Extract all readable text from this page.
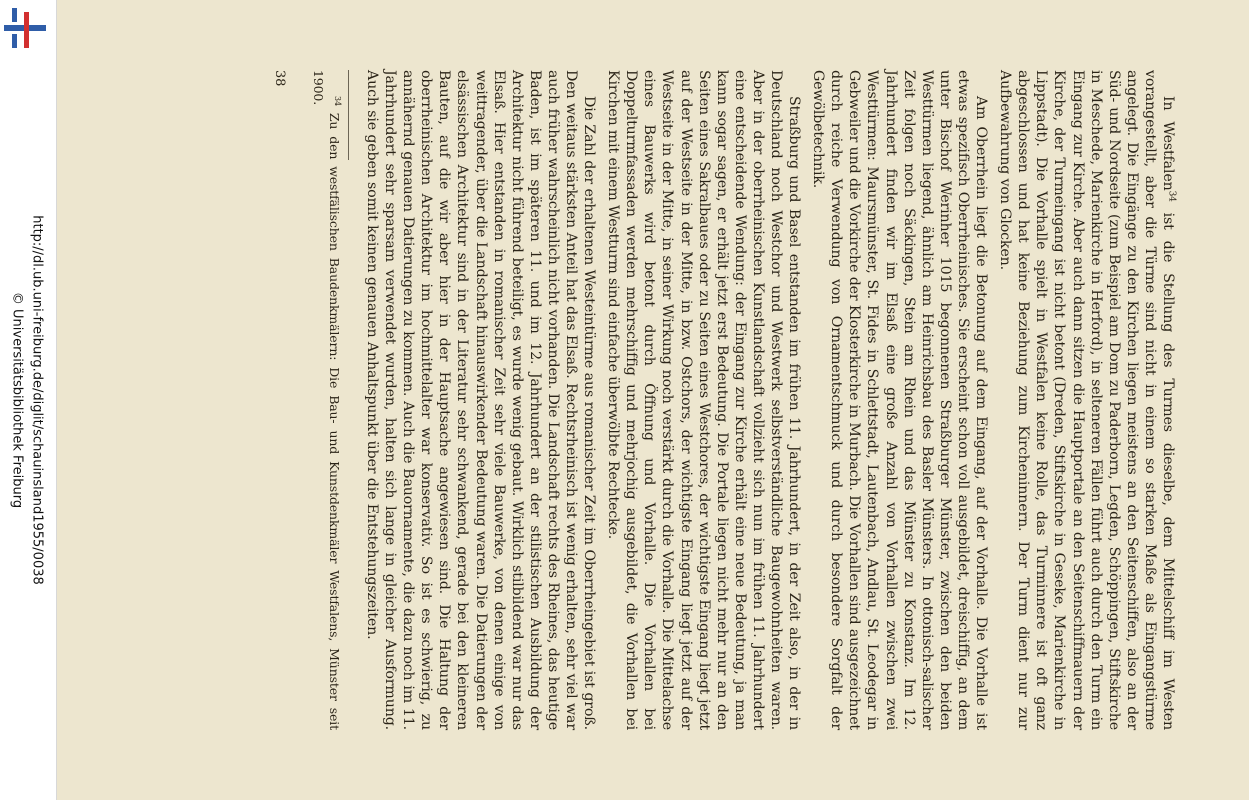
http://dl.ub.uni-freiburg.de/diglit/schauinsland1955/0038
© Universitätsbibliothek Freiburg

In Westfalen$^{34}$ ist die Stellung des Turmes dieselbe, dem Mittelschiff im Westen vorangestellt, aber die Türme sind nicht in einem so starken Maße als Eingangstürme angelegt. Die Eingänge zu den Kirchen liegen meistens an den Seitenschiffen, also an der Süd- und Nordseite (zum Beispiel am Dom zu Paderborn, Legden, Schöppingen, Stiftskirche in Meschede, Marienkirche in Herford), in selteneren Fällen führt auch durch den Turm ein Eingang zur Kirche. Aber auch dann sitzen die Hauptportale an den Seitenschiffmauern der Kirche, der Turmeingang ist nicht betont (Dreden, Stiftskirche in Geseke, Marienkirche in Lippstadt). Die Vorhalle spielt in Westfalen keine Rolle, das Turminnere ist oft ganz abgeschlossen und hat keine Beziehung zum Kircheninnern. Der Turm dient nur zur Aufbewahrung von Glocken.

Am Oberrhein liegt die Betonung auf dem Eingang, auf der Vorhalle. Die Vorhalle ist etwas spezifisch Oberrheinisches. Sie erscheint schon voll ausgebildet, dreischiffig, an dem unter Bischof Werinher 1015 begonnenen Straßburger Münster, zwischen den beiden Westtürmen liegend, ähnlich am Heinrichsbau des Basler Münsters. In ottonisch-salischer Zeit folgen noch Säckingen, Stein am Rhein und das Münster zu Konstanz. Im 12. Jahrhundert finden wir im Elsaß eine große Anzahl von Vorhallen zwischen zwei Westtürmen: Maursmünster, St. Fides in Schlettstadt, Lautenbach, Andlau, St. Leodegar in Gebweiler und die Vorkirche der Klosterkirche in Murbach. Die Vorhallen sind ausgezeichnet durch reiche Verwendung von Ornamentschmuck und durch besondere Sorgfalt der Gewölbetechnik.

Straßburg und Basel entstanden im frühen 11. Jahrhundert, in der Zeit also, in der in Deutschland noch Westchor und Westwerk selbstverständliche Baugewohnheiten waren. Aber in der oberrheinischen Kunstlandschaft vollzieht sich nun im frühen 11. Jahrhundert eine entscheidende Wendung: der Eingang zur Kirche erhält eine neue Bedeutung, ja man kann sogar sagen, er erhält jetzt erst Bedeutung. Die Portale liegen nicht mehr nur an den Seiten eines Sakralbaues oder zu Seiten eines Westchores, der wichtigste Eingang liegt jetzt auf der Westseite in der Mitte, in bzw. Ostchors, der wichtigste Eingang liegt jetzt auf der Westseite in der Mitte, in seiner Wirkung noch verstärkt durch die Vorhalle. Die Mittelachse eines Bauwerks wird betont durch Öffnung und Vorhalle. Die Vorhallen bei Doppelturmfassaden werden mehrschiffig und mehrjochig ausgebildet, die Vorhallen bei Kirchen mit einem Westturm sind einfache überwölbte Rechtecke.

Die Zahl der erhaltenen Westeintürme aus romanischer Zeit im Oberrheingebiet ist groß. Den weitaus stärksten Anteil hat das Elsaß. Rechtsrheinisch ist wenig erhalten, sehr viel war auch früher wahrscheinlich nicht vorhanden. Die Landschaft rechts des Rheines, das heutige Baden, ist im späteren 11. und im 12. Jahrhundert an der stilistischen Ausbildung der Architektur nicht führend beteiligt, es wurde wenig gebaut. Wirklich stilbildend war nur das Elsaß. Hier entstanden in romanischer Zeit sehr viele Bauwerke, von denen einige von weittragender, über die Landschaft hinauswirkender Bedeutung waren. Die Datierungen der elsässischen Architektur sind in der Literatur sehr schwankend, gerade bei den kleineren Bauten, auf die wir aber hier in der Hauptsache angewiesen sind. Die Haltung der oberrheinischen Architektur im hochmittelalter war konservativ. So ist es schwierig, zu annähernd genauen Datierungen zu kommen. Auch die Bauornamente, die dazu noch im 11. Jahrhundert sehr sparsam verwendet wurden, halten sich lange in gleicher Ausformung. Auch sie geben somit keinen genauen Anhaltspunkt über die Entstehungszeiten.

$^{34}$ Zu den westfälischen Baudenkmälern: Die Bau- und Kunstdenkmäler Westfalens, Münster seit 1900.

38
